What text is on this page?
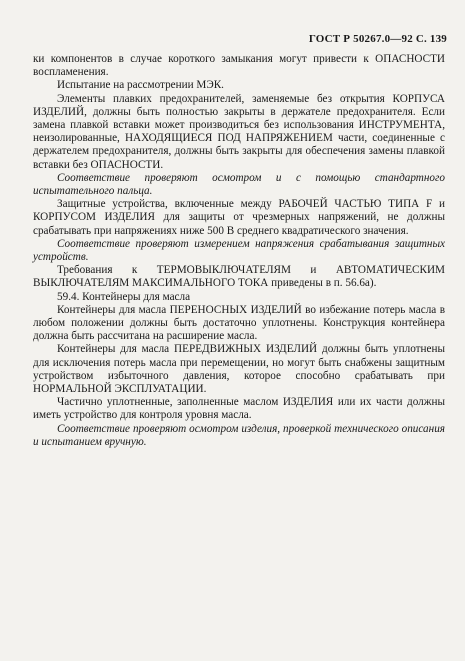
ГОСТ Р 50267.0—92 С. 139

ки компонентов в случае короткого замыкания могут привести к ОПАСНОСТИ воспламенения.

Испытание на рассмотрении МЭК.

Элементы плавких предохранителей, заменяемые без открытия КОРПУСА ИЗДЕЛИЙ, должны быть полностью закрыты в держателе предохранителя. Если замена плавкой вставки может производиться без использования ИНСТРУМЕНТА, неизолированные, НАХОДЯЩИЕСЯ ПОД НАПРЯЖЕНИЕМ части, соединенные с держателем предохранителя, должны быть закрыты для обеспечения замены плавкой вставки без ОПАСНОСТИ.

Соответствие проверяют осмотром и с помощью стандартного испытательного пальца.

Защитные устройства, включенные между РАБОЧЕЙ ЧАСТЬЮ ТИПА F и КОРПУСОМ ИЗДЕЛИЯ для защиты от чрезмерных напряжений, не должны срабатывать при напряжениях ниже 500 В среднего квадратического значения.

Соответствие проверяют измерением напряжения срабатывания защитных устройств.

Требования к ТЕРМОВЫКЛЮЧАТЕЛЯМ и АВТОМАТИЧЕСКИМ ВЫКЛЮЧАТЕЛЯМ МАКСИМАЛЬНОГО ТОКА приведены в п. 56.6а).

59.4. Контейнеры для масла

Контейнеры для масла ПЕРЕНОСНЫХ ИЗДЕЛИЙ во избежание потерь масла в любом положении должны быть достаточно уплотнены. Конструкция контейнера должна быть рассчитана на расширение масла.

Контейнеры для масла ПЕРЕДВИЖНЫХ ИЗДЕЛИЙ должны быть уплотнены для исключения потерь масла при перемещении, но могут быть снабжены защитным устройством избыточного давления, которое способно срабатывать при НОРМАЛЬНОЙ ЭКСПЛУАТАЦИИ.

Частично уплотненные, заполненные маслом ИЗДЕЛИЯ или их части должны иметь устройство для контроля уровня масла.

Соответствие проверяют осмотром изделия, проверкой технического описания и испытанием вручную.
